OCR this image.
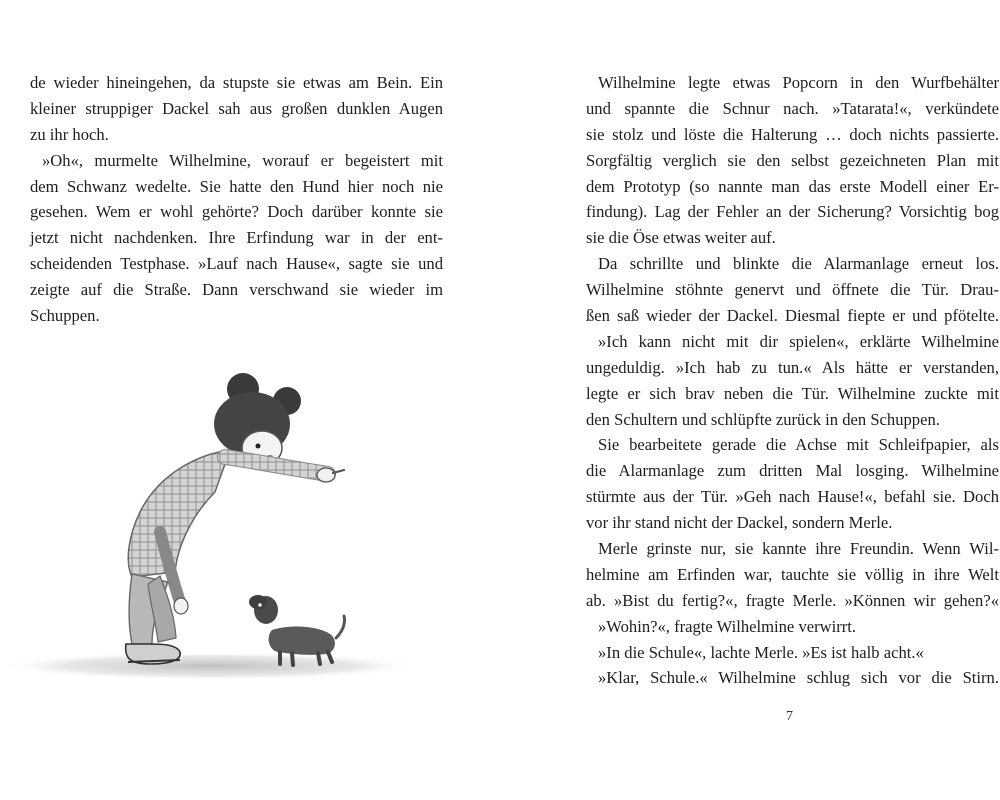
de wieder hineingehen, da stupste sie etwas am Bein. Ein
kleiner struppiger Dackel sah aus großen dunklen Augen
zu ihr hoch.
»Oh«, murmelte Wilhelmine, worauf er begeistert mit
dem Schwanz wedelte. Sie hatte den Hund hier noch nie
gesehen. Wem er wohl gehörte? Doch darüber konnte sie
jetzt nicht nachdenken. Ihre Erfindung war in der ent-
scheidenden Testphase. »Lauf nach Hause«, sagte sie und
zeigte auf die Straße. Dann verschwand sie wieder im
Schuppen.
Wilhelmine legte etwas Popcorn in den Wurfbehälter
und spannte die Schnur nach. »Tatarata!«, verkündete
sie stolz und löste die Halterung … doch nichts passierte.
Sorgfältig verglich sie den selbst gezeichneten Plan mit
dem Prototyp (so nannte man das erste Modell einer Er-
findung). Lag der Fehler an der Sicherung? Vorsichtig bog
sie die Öse etwas weiter auf.
Da schrillte und blinkte die Alarmanlage erneut los.
Wilhelmine stöhnte genervt und öffnete die Tür. Drau-
ßen saß wieder der Dackel. Diesmal fiepte er und pfötelte.
»Ich kann nicht mit dir spielen«, erklärte Wilhelmine
ungeduldig. »Ich hab zu tun.« Als hätte er verstanden,
legte er sich brav neben die Tür. Wilhelmine zuckte mit
den Schultern und schlüpfte zurück in den Schuppen.
Sie bearbeitete gerade die Achse mit Schleifpapier, als
die Alarmanlage zum dritten Mal losging. Wilhelmine
stürmte aus der Tür. »Geh nach Hause!«, befahl sie. Doch
vor ihr stand nicht der Dackel, sondern Merle.
Merle grinste nur, sie kannte ihre Freundin. Wenn Wil-
helmine am Erfinden war, tauchte sie völlig in ihre Welt
ab. »Bist du fertig?«, fragte Merle. »Können wir gehen?«
»Wohin?«, fragte Wilhelmine verwirrt.
»In die Schule«, lachte Merle. »Es ist halb acht.«
»Klar, Schule.« Wilhelmine schlug sich vor die Stirn.
7
